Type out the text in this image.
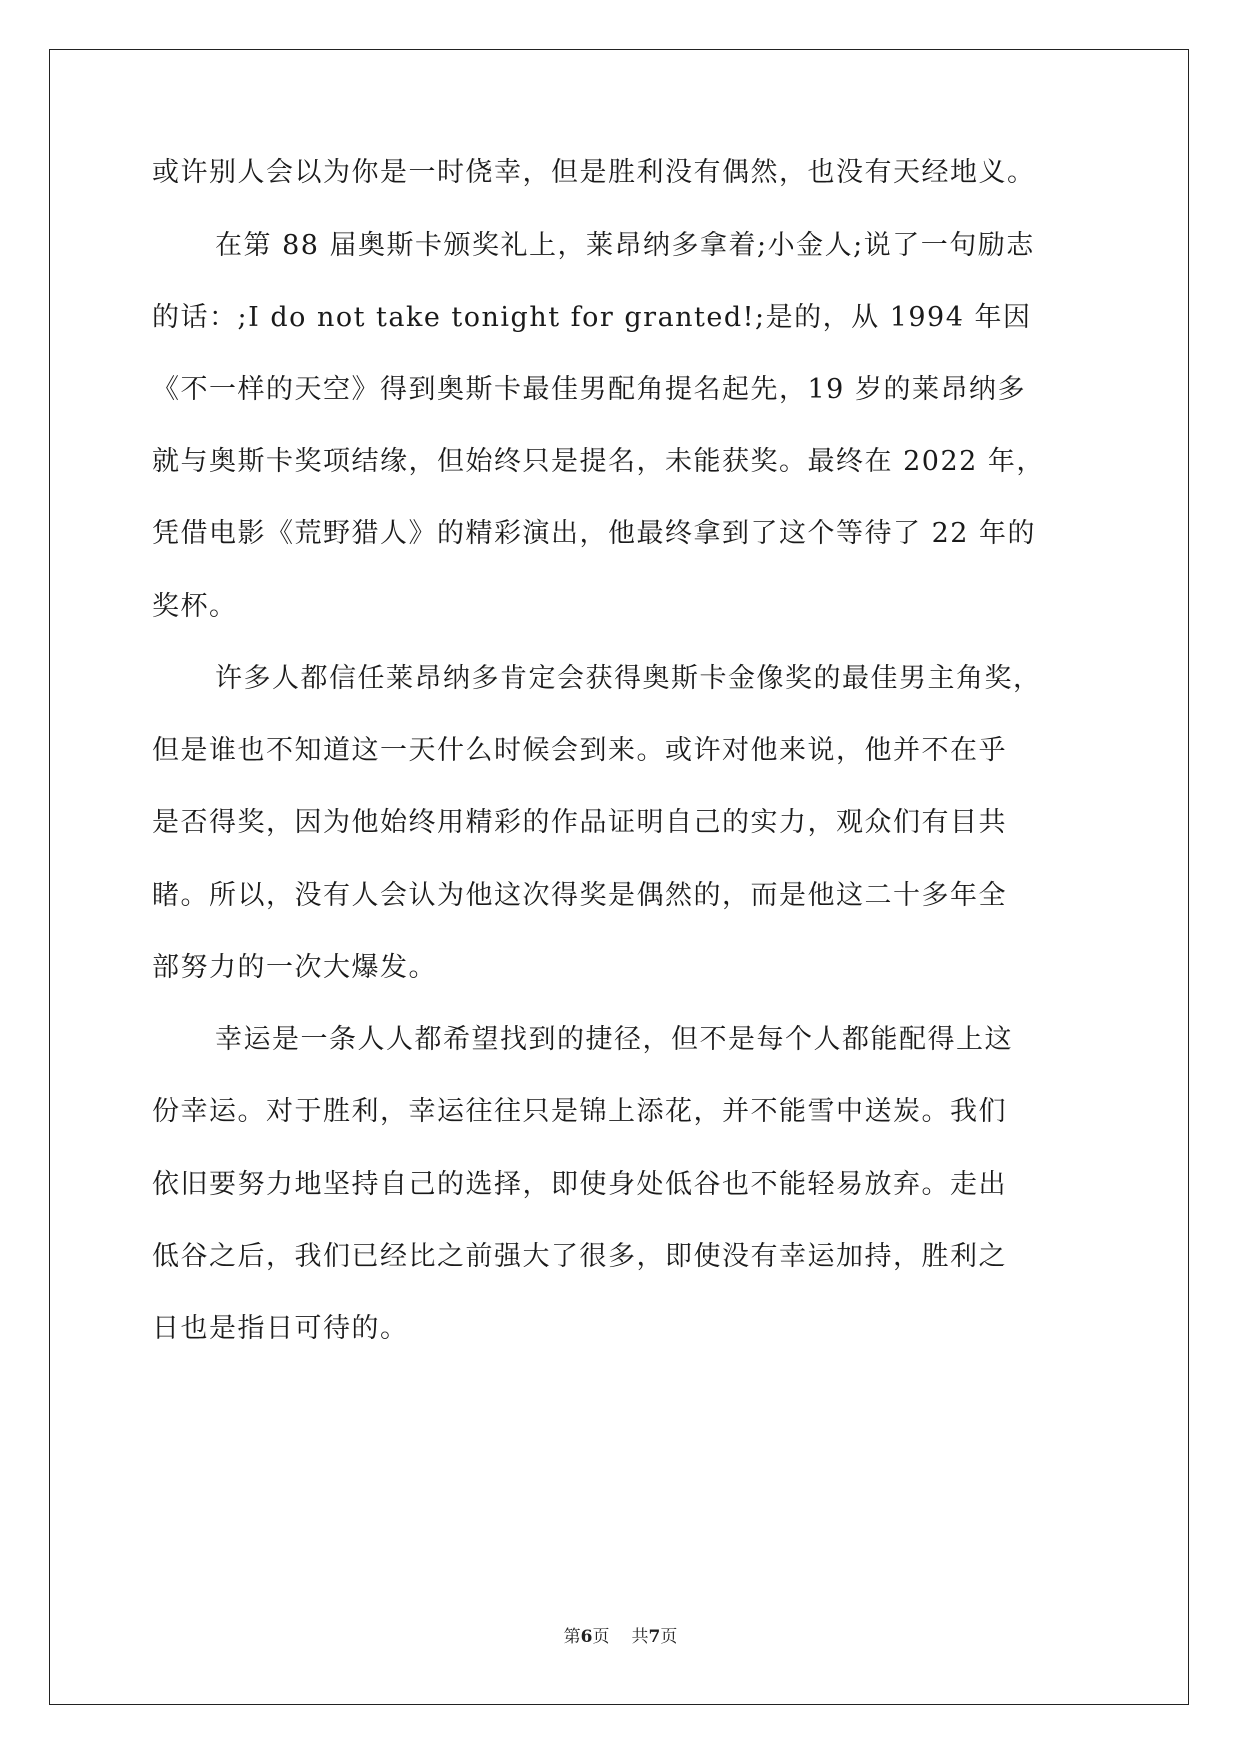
或许别人会以为你是一时侥幸，但是胜利没有偶然，也没有天经地义。
在第 88 届奥斯卡颁奖礼上，莱昂纳多拿着;小金人;说了一句励志
的话：;I do not take tonight for granted!;是的，从 1994 年因
《不一样的天空》得到奥斯卡最佳男配角提名起先，19 岁的莱昂纳多
就与奥斯卡奖项结缘，但始终只是提名，未能获奖。最终在 2022 年，
凭借电影《荒野猎人》的精彩演出，他最终拿到了这个等待了 22 年的
奖杯。
许多人都信任莱昂纳多肯定会获得奥斯卡金像奖的最佳男主角奖，
但是谁也不知道这一天什么时候会到来。或许对他来说，他并不在乎
是否得奖，因为他始终用精彩的作品证明自己的实力，观众们有目共
睹。所以，没有人会认为他这次得奖是偶然的，而是他这二十多年全
部努力的一次大爆发。
幸运是一条人人都希望找到的捷径，但不是每个人都能配得上这
份幸运。对于胜利，幸运往往只是锦上添花，并不能雪中送炭。我们
依旧要努力地坚持自己的选择，即使身处低谷也不能轻易放弃。走出
低谷之后，我们已经比之前强大了很多，即使没有幸运加持，胜利之
日也是指日可待的。
第6页 共7页
